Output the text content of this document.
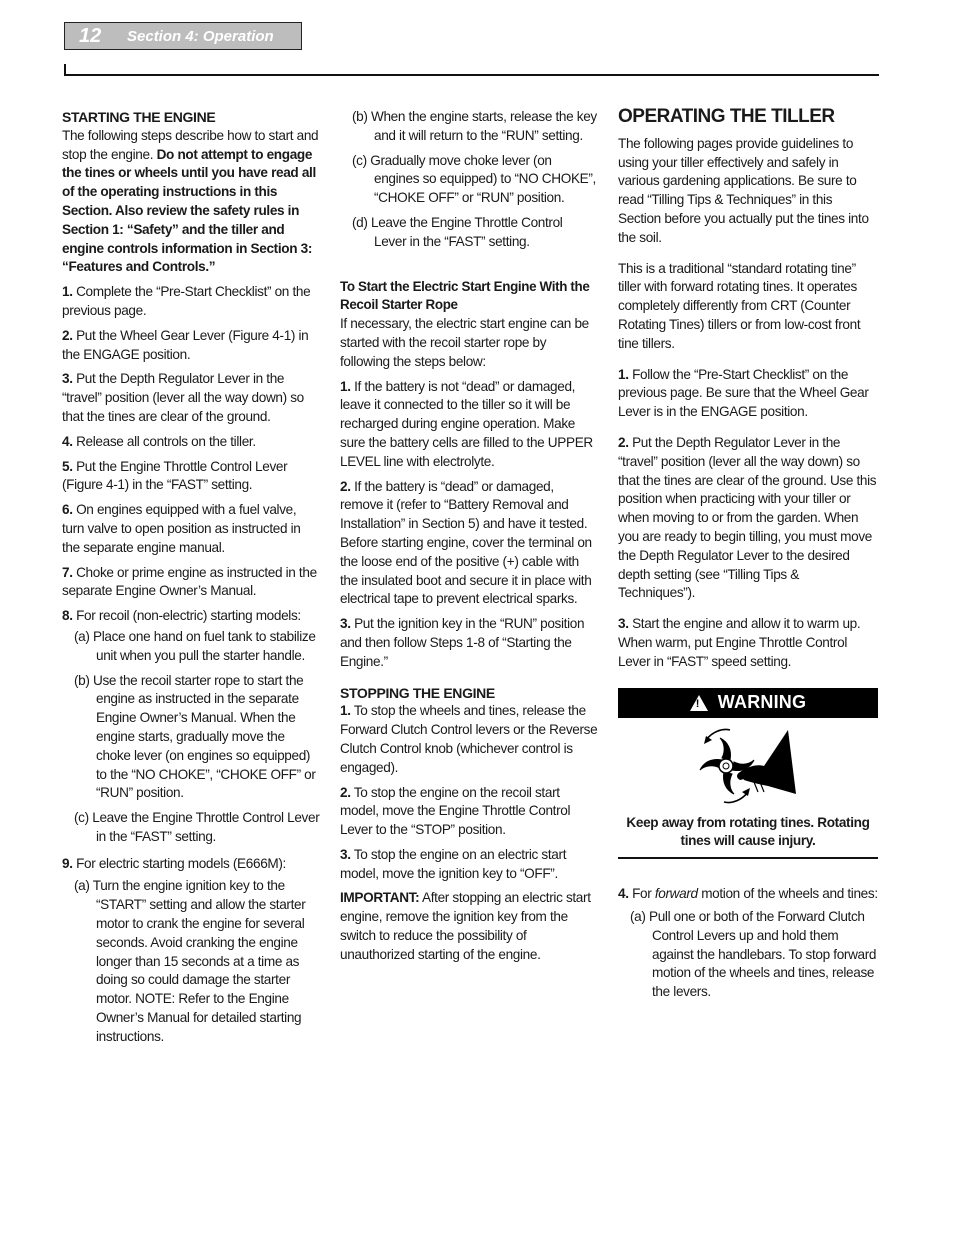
12	Section 4: Operation
STARTING THE ENGINE

The following steps describe how to start and stop the engine. Do not attempt to engage the tines or wheels until you have read all of the operating instructions in this Section. Also review the safety rules in Section 1: “Safety” and the tiller and engine controls information in Section 3: “Features and Controls.”

1. Complete the “Pre-Start Checklist” on the previous page.

2. Put the Wheel Gear Lever (Figure 4-1) in the ENGAGE position.

3. Put the Depth Regulator Lever in the “travel” position (lever all the way down) so that the tines are clear of the ground.

4. Release all controls on the tiller.

5. Put the Engine Throttle Control Lever (Figure 4-1) in the “FAST” setting.

6. On engines equipped with a fuel valve, turn valve to open position as instructed in the separate engine manual.

7. Choke or prime engine as instructed in the separate Engine Owner’s Manual.

8. For recoil (non-electric) starting models:

(a) Place one hand on fuel tank to stabilize unit when you pull the starter handle.

(b) Use the recoil starter rope to start the engine as instructed in the separate Engine Owner’s Manual. When the engine starts, gradually move the choke lever (on engines so equipped) to the “NO CHOKE”, “CHOKE OFF” or “RUN” position.

(c) Leave the Engine Throttle Control Lever in the “FAST” setting.

9. For electric starting models (E666M):

(a) Turn the engine ignition key to the “START” setting and allow the starter motor to crank the engine for several seconds. Avoid cranking the engine longer than 15 seconds at a time as doing so could damage the starter motor. NOTE: Refer to the Engine Owner’s Manual for detailed starting instructions.

(b) When the engine starts, release the key and it will return to the “RUN” setting.

(c) Gradually move choke lever (on engines so equipped) to “NO CHOKE”, “CHOKE OFF” or “RUN” position.

(d) Leave the Engine Throttle Control Lever in the “FAST” setting.

To Start the Electric Start Engine With the Recoil Starter Rope

If necessary, the electric start engine can be started with the recoil starter rope by following the steps below:

1. If the battery is not “dead” or damaged, leave it connected to the tiller so it will be recharged during engine operation. Make sure the battery cells are filled to the UPPER LEVEL line with electrolyte.

2. If the battery is “dead” or damaged, remove it (refer to “Battery Removal and Installation” in Section 5) and have it tested. Before starting engine, cover the terminal on the loose end of the positive (+) cable with the insulated boot and secure it in place with electrical tape to prevent electrical sparks.

3. Put the ignition key in the “RUN” position and then follow Steps 1-8 of “Starting the Engine.”

STOPPING THE ENGINE

1. To stop the wheels and tines, release the Forward Clutch Control levers or the Reverse Clutch Control knob (whichever control is engaged).

2. To stop the engine on the recoil start model, move the Engine Throttle Control Lever to the “STOP” position.

3. To stop the engine on an electric start model, move the ignition key to “OFF”.

IMPORTANT: After stopping an electric start engine, remove the ignition key from the switch to reduce the possibility of unauthorized starting of the engine.

OPERATING THE TILLER

The following pages provide guidelines to using your tiller effectively and safely in various gardening applications. Be sure to read “Tilling Tips & Techniques” in this Section before you actually put the tines into the soil.

This is a traditional “standard rotating tine” tiller with forward rotating tines. It operates completely differently from CRT (Counter Rotating Tines) tillers or from low-cost front tine tillers.

1. Follow the “Pre-Start Checklist” on the previous page. Be sure that the Wheel Gear Lever is in the ENGAGE position.

2. Put the Depth Regulator Lever in the “travel” position (lever all the way down) so that the tines are clear of the ground. Use this position when practicing with your tiller or when moving to or from the garden. When you are ready to begin tilling, you must move the Depth Regulator Lever to the desired depth setting (see “Tilling Tips & Techniques”).

3. Start the engine and allow it to warm up. When warm, put Engine Throttle Control Lever in “FAST” speed setting.

! WARNING
Keep away from rotating tines. Rotating tines will cause injury.

4. For forward motion of the wheels and tines:

(a) Pull one or both of the Forward Clutch Control Levers up and hold them against the handlebars. To stop forward motion of the wheels and tines, release the levers.
